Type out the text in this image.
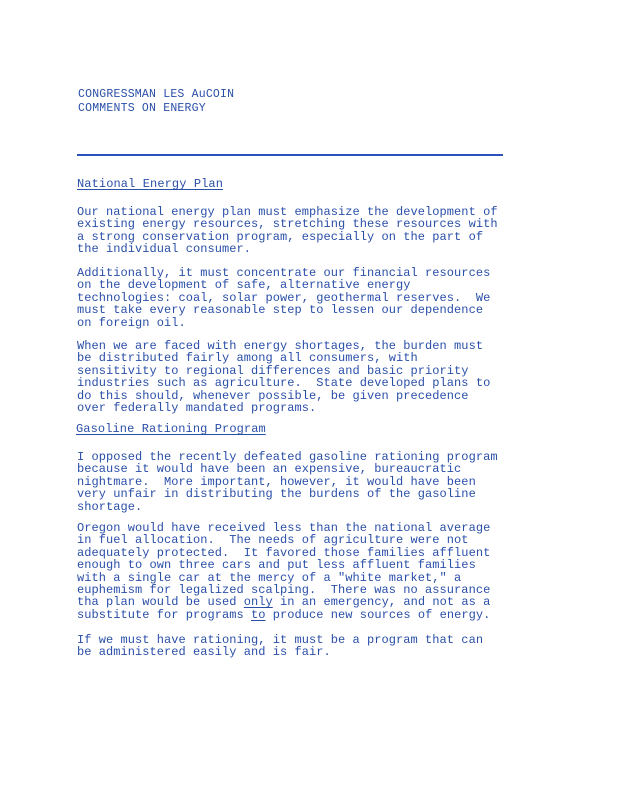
CONGRESSMAN LES AuCOIN
COMMENTS ON ENERGY
National Energy Plan
Our national energy plan must emphasize the development of
existing energy resources, stretching these resources with
a strong conservation program, especially on the part of
the individual consumer.
Additionally, it must concentrate our financial resources
on the development of safe, alternative energy
technologies: coal, solar power, geothermal reserves.  We
must take every reasonable step to lessen our dependence
on foreign oil.
When we are faced with energy shortages, the burden must
be distributed fairly among all consumers, with
sensitivity to regional differences and basic priority
industries such as agriculture.  State developed plans to
do this should, whenever possible, be given precedence
over federally mandated programs.
Gasoline Rationing Program
I opposed the recently defeated gasoline rationing program
because it would have been an expensive, bureaucratic
nightmare.  More important, however, it would have been
very unfair in distributing the burdens of the gasoline
shortage.
Oregon would have received less than the national average
in fuel allocation.  The needs of agriculture were not
adequately protected.  It favored those families affluent
enough to own three cars and put less affluent families
with a single car at the mercy of a "white market," a
euphemism for legalized scalping.  There was no assurance
tha plan would be used only in an emergency, and not as a
substitute for programs to produce new sources of energy.
If we must have rationing, it must be a program that can
be administered easily and is fair.
